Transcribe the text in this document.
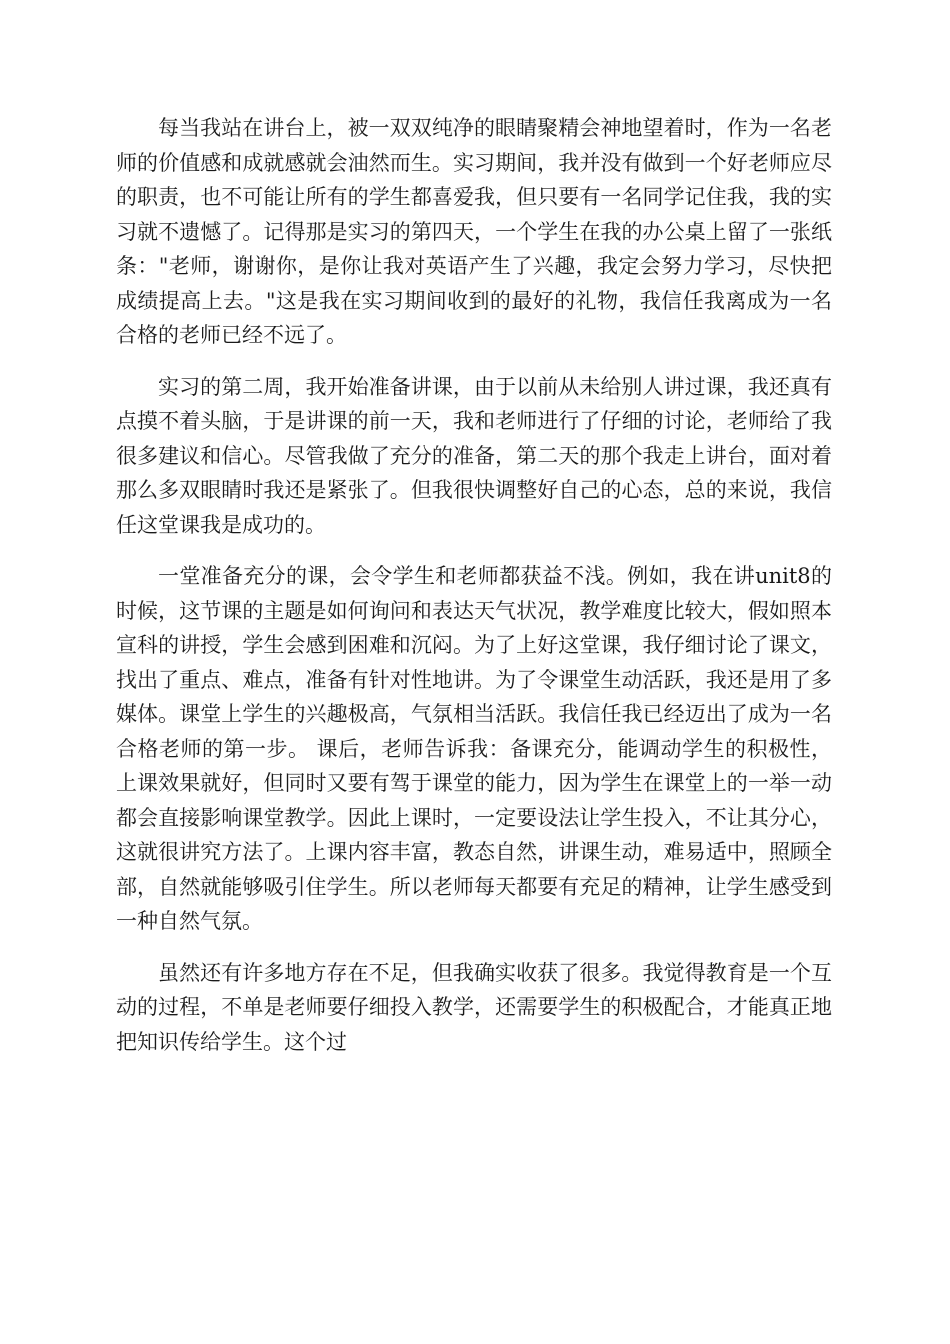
每当我站在讲台上，被一双双纯净的眼睛聚精会神地望着时，作为一名老师的价值感和成就感就会油然而生。实习期间，我并没有做到一个好老师应尽的职责，也不可能让所有的学生都喜爱我，但只要有一名同学记住我，我的实习就不遗憾了。记得那是实习的第四天，一个学生在我的办公桌上留了一张纸条："老师，谢谢你，是你让我对英语产生了兴趣，我定会努力学习，尽快把成绩提高上去。"这是我在实习期间收到的最好的礼物，我信任我离成为一名合格的老师已经不远了。

实习的第二周，我开始准备讲课，由于以前从未给别人讲过课，我还真有点摸不着头脑，于是讲课的前一天，我和老师进行了仔细的讨论，老师给了我很多建议和信心。尽管我做了充分的准备，第二天的那个我走上讲台，面对着那么多双眼睛时我还是紧张了。但我很快调整好自己的心态，总的来说，我信任这堂课我是成功的。

一堂准备充分的课，会令学生和老师都获益不浅。例如，我在讲unit8的时候，这节课的主题是如何询问和表达天气状况，教学难度比较大，假如照本宣科的讲授，学生会感到困难和沉闷。为了上好这堂课，我仔细讨论了课文，找出了重点、难点，准备有针对性地讲。为了令课堂生动活跃，我还是用了多媒体。课堂上学生的兴趣极高，气氛相当活跃。我信任我已经迈出了成为一名合格老师的第一步。 课后，老师告诉我：备课充分，能调动学生的积极性，上课效果就好，但同时又要有驾于课堂的能力，因为学生在课堂上的一举一动都会直接影响课堂教学。因此上课时，一定要设法让学生投入，不让其分心，这就很讲究方法了。上课内容丰富，教态自然，讲课生动，难易适中，照顾全部，自然就能够吸引住学生。所以老师每天都要有充足的精神，让学生感受到一种自然气氛。

虽然还有许多地方存在不足，但我确实收获了很多。我觉得教育是一个互动的过程，不单是老师要仔细投入教学，还需要学生的积极配合，才能真正地把知识传给学生。这个过
